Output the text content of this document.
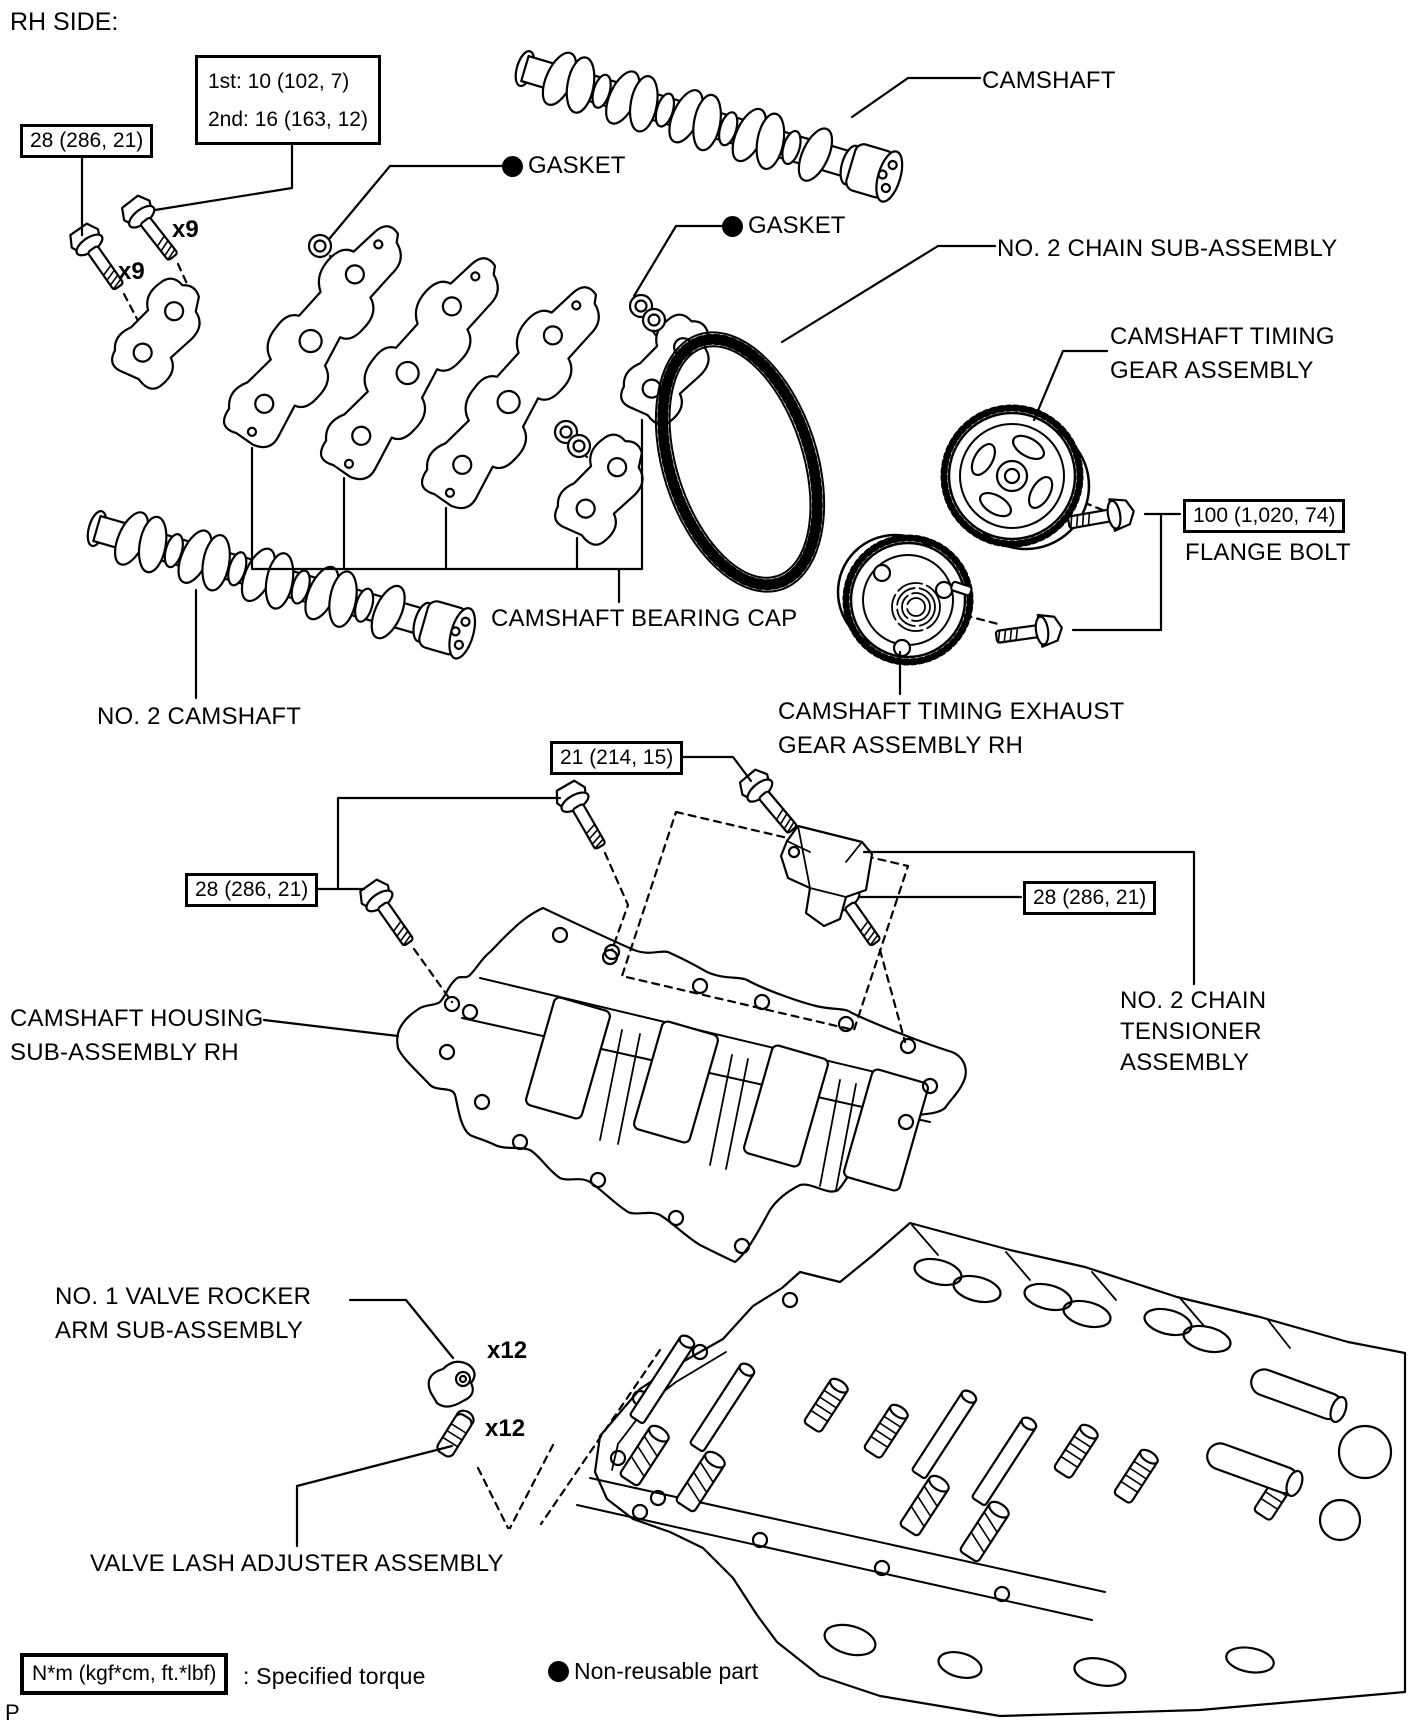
RH SIDE:
1st: 10 (102, 7)
2nd: 16 (163, 12)
28 (286, 21)
x9
x9
GASKET
GASKET
CAMSHAFT
NO. 2 CHAIN SUB-ASSEMBLY
CAMSHAFT TIMING
GEAR ASSEMBLY
100 (1,020, 74)
FLANGE BOLT
CAMSHAFT BEARING CAP
NO. 2 CAMSHAFT	CAMSHAFT TIMING EXHAUST
GEAR ASSEMBLY RH
21 (214, 15)
28 (286, 21)	28 (286, 21)
CAMSHAFT HOUSING
SUB-ASSEMBLY RH
NO. 2 CHAIN
TENSIONER
ASSEMBLY
NO. 1 VALVE ROCKER
ARM SUB-ASSEMBLY
x12
x12
VALVE LASH ADJUSTER ASSEMBLY
N*m (kgf*cm, ft.*lbf)	: Specified torque	Non-reusable part
P
